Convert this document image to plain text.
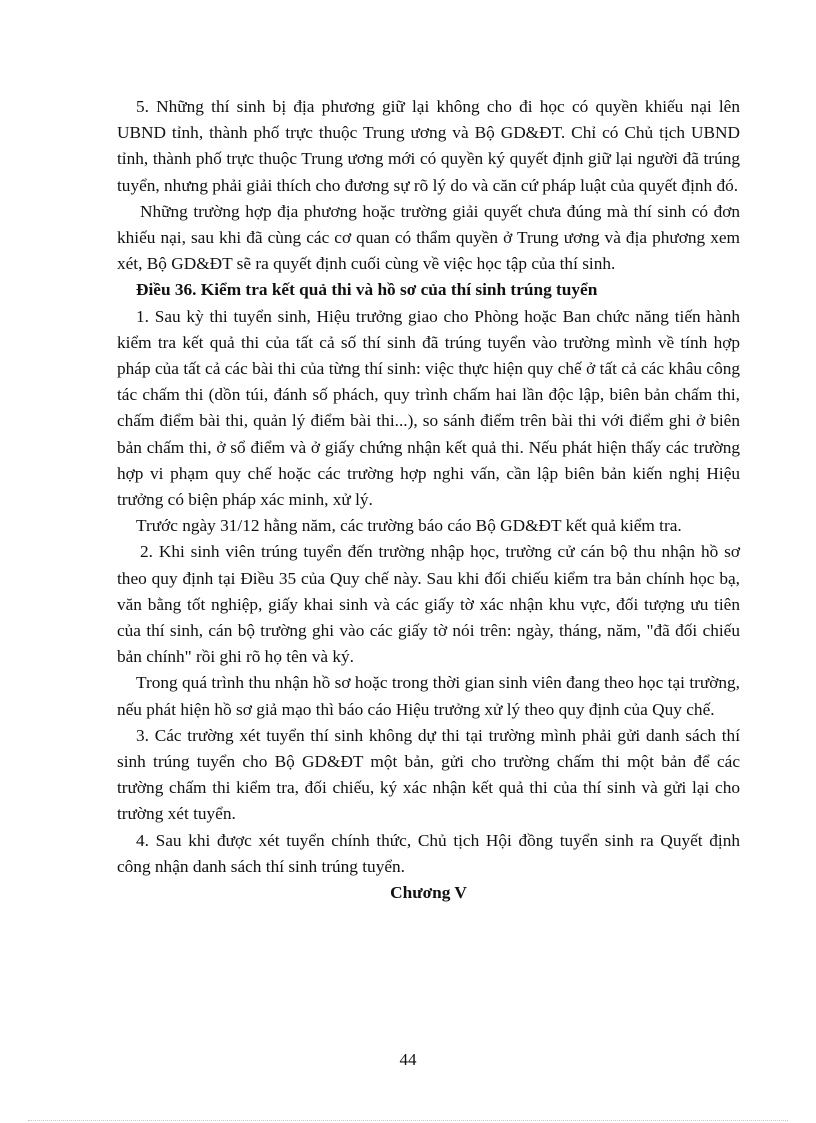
5. Những thí sinh bị địa phương giữ lại không cho đi học có quyền khiếu nại lên UBND tỉnh, thành phố trực thuộc Trung ương và Bộ GD&ĐT. Chỉ có Chủ tịch UBND tỉnh, thành phố trực thuộc Trung ương mới có quyền ký quyết định giữ lại người đã trúng tuyển, nhưng phải giải thích cho đương sự rõ lý do và căn cứ pháp luật của quyết định đó.

Những trường hợp địa phương hoặc trường giải quyết chưa đúng mà thí sinh có đơn khiếu nại, sau khi đã cùng các cơ quan có thẩm quyền ở Trung ương và địa phương xem xét, Bộ GD&ĐT sẽ ra quyết định cuối cùng về việc học tập của thí sinh.

Điều 36. Kiểm tra kết quả thi và hồ sơ của thí sinh trúng tuyển

1. Sau kỳ thi tuyển sinh, Hiệu trưởng giao cho Phòng hoặc Ban chức năng tiến hành kiểm tra kết quả thi của tất cả số thí sinh đã trúng tuyển vào trường mình về tính hợp pháp của tất cả các bài thi của từng thí sinh: việc thực hiện quy chế ở tất cả các khâu công tác chấm thi (dồn túi, đánh số phách, quy trình chấm hai lần độc lập, biên bản chấm thi, chấm điểm bài thi, quản lý điểm bài thi...), so sánh điểm trên bài thi với điểm ghi ở biên bản chấm thi, ở sổ điểm và ở giấy chứng nhận kết quả thi. Nếu phát hiện thấy các trường hợp vi phạm quy chế hoặc các trường hợp nghi vấn, cần lập biên bản kiến nghị Hiệu trưởng có biện pháp xác minh, xử lý.

Trước ngày 31/12 hằng năm, các trường báo cáo Bộ GD&ĐT kết quả kiểm tra.

2. Khi sinh viên trúng tuyển đến trường nhập học, trường cử cán bộ thu nhận hồ sơ theo quy định tại Điều 35 của Quy chế này. Sau khi đối chiếu kiểm tra bản chính học bạ, văn bằng tốt nghiệp, giấy khai sinh và các giấy tờ xác nhận khu vực, đối tượng ưu tiên của thí sinh, cán bộ trường ghi vào các giấy tờ nói trên: ngày, tháng, năm, "đã đối chiếu bản chính" rồi ghi rõ họ tên và ký.

Trong quá trình thu nhận hồ sơ hoặc trong thời gian sinh viên đang theo học tại trường, nếu phát hiện hồ sơ giả mạo thì báo cáo Hiệu trưởng xử lý theo quy định của Quy chế.

3. Các trường xét tuyển thí sinh không dự thi tại trường mình phải gửi danh sách thí sinh trúng tuyển cho Bộ GD&ĐT một bản, gửi cho trường chấm thi một bản để các trường chấm thi kiểm tra, đối chiếu, ký xác nhận kết quả thi của thí sinh và gửi lại cho trường xét tuyển.

4. Sau khi được xét tuyển chính thức, Chủ tịch Hội đồng tuyển sinh ra Quyết định công nhận danh sách thí sinh trúng tuyển.

Chương V

44
